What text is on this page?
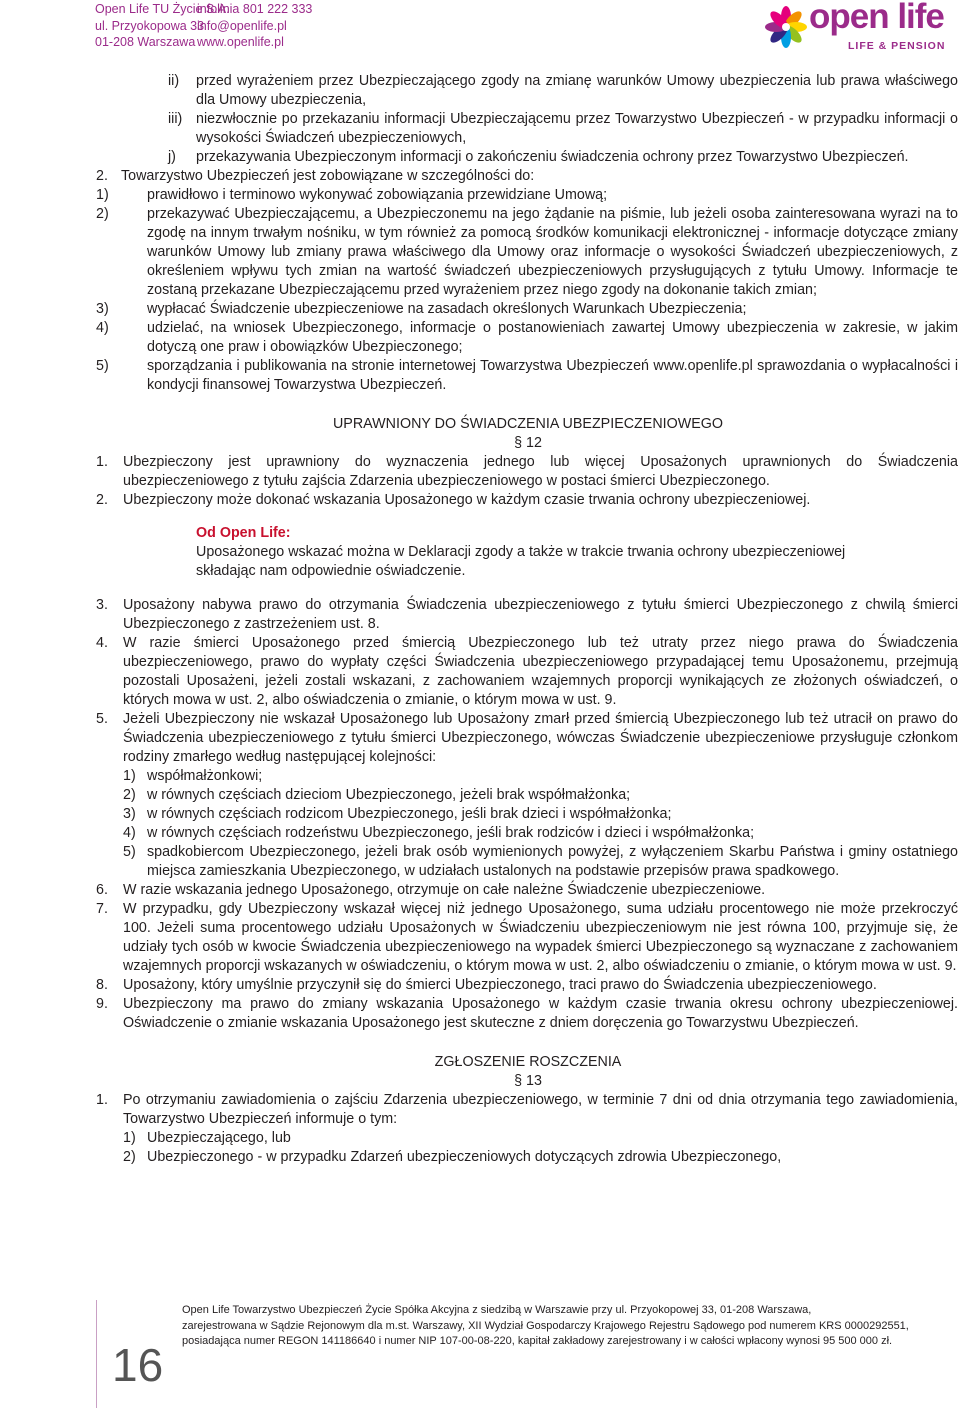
Open Life TU Życie S.A.
ul. Przyokopowa 33
01-208 Warszawa
infolinia 801 222 333
info@openlife.pl
www.openlife.pl
open life
LIFE & PENSION
ii) przed wyrażeniem przez Ubezpieczającego zgody na zmianę warunków Umowy ubezpieczenia lub prawa właściwego dla Umowy ubezpieczenia,
iii) niezwłocznie po przekazaniu informacji Ubezpieczającemu przez Towarzystwo Ubezpieczeń - w przypadku informacji o wysokości Świadczeń ubezpieczeniowych,
j) przekazywania Ubezpieczonym informacji o zakończeniu świadczenia ochrony przez Towarzystwo Ubezpieczeń.
2. Towarzystwo Ubezpieczeń jest zobowiązane w szczególności do:
1)	prawidłowo i terminowo wykonywać zobowiązania przewidziane Umową;
2)	przekazywać Ubezpieczającemu, a Ubezpieczonemu na jego żądanie na piśmie, lub jeżeli osoba zainteresowana wyrazi na to zgodę na innym trwałym nośniku, w tym również za pomocą środków komunikacji elektronicznej - informacje dotyczące zmiany warunków Umowy lub zmiany prawa właściwego dla Umowy oraz informacje o wysokości Świadczeń ubezpieczeniowych, z określeniem wpływu tych zmian na wartość świadczeń ubezpieczeniowych przysługujących z tytułu Umowy. Informacje te zostaną przekazane Ubezpieczającemu przed wyrażeniem przez niego zgody na dokonanie takich zmian;
3)	wypłacać Świadczenie ubezpieczeniowe na zasadach określonych Warunkach Ubezpieczenia;
4)	udzielać, na wniosek Ubezpieczonego, informacje o postanowieniach zawartej Umowy ubezpieczenia w zakresie, w jakim dotyczą one praw i obowiązków Ubezpieczonego;
5)	sporządzania i publikowania na stronie internetowej Towarzystwa Ubezpieczeń www.openlife.pl sprawozdania o wypłacalności i kondycji finansowej Towarzystwa Ubezpieczeń.
UPRAWNIONY DO ŚWIADCZENIA UBEZPIECZENIOWEGO
§ 12
1. Ubezpieczony jest uprawniony do wyznaczenia jednego lub więcej Uposażonych uprawnionych do Świadczenia ubezpieczeniowego z tytułu zajścia Zdarzenia ubezpieczeniowego w postaci śmierci Ubezpieczonego.
2. Ubezpieczony może dokonać wskazania Uposażonego w każdym czasie trwania ochrony ubezpieczeniowej.
Od Open Life:
Uposażonego wskazać można w Deklaracji zgody a także w trakcie trwania ochrony ubezpieczeniowej składając nam odpowiednie oświadczenie.
3. Uposażony nabywa prawo do otrzymania Świadczenia ubezpieczeniowego z tytułu śmierci Ubezpieczonego z chwilą śmierci Ubezpieczonego z zastrzeżeniem ust. 8.
4. W razie śmierci Uposażonego przed śmiercią Ubezpieczonego lub też utraty przez niego prawa do Świadczenia ubezpieczeniowego, prawo do wypłaty części Świadczenia ubezpieczeniowego przypadającej temu Uposażonemu, przejmują pozostali Uposażeni, jeżeli zostali wskazani, z zachowaniem wzajemnych proporcji wynikających ze złożonych oświadczeń, o których mowa w ust. 2, albo oświadczenia o zmianie, o którym mowa w ust. 9.
5. Jeżeli Ubezpieczony nie wskazał Uposażonego lub Uposażony zmarł przed śmiercią Ubezpieczonego lub też utracił on prawo do Świadczenia ubezpieczeniowego z tytułu śmierci Ubezpieczonego, wówczas Świadczenie ubezpieczeniowe przysługuje członkom rodziny zmarłego według następującej kolejności:
1) współmałżonkowi;
2) w równych częściach dzieciom Ubezpieczonego, jeżeli brak współmałżonka;
3) w równych częściach rodzicom Ubezpieczonego, jeśli brak dzieci i współmałżonka;
4) w równych częściach rodzeństwu Ubezpieczonego, jeśli brak rodziców i dzieci i współmałżonka;
5) spadkobiercom Ubezpieczonego, jeżeli brak osób wymienionych powyżej, z wyłączeniem Skarbu Państwa i gminy ostatniego miejsca zamieszkania Ubezpieczonego, w udziałach ustalonych na podstawie przepisów prawa spadkowego.
6. W razie wskazania jednego Uposażonego, otrzymuje on całe należne Świadczenie ubezpieczeniowe.
7. W przypadku, gdy Ubezpieczony wskazał więcej niż jednego Uposażonego, suma udziału procentowego nie może przekroczyć 100. Jeżeli suma procentowego udziału Uposażonych w Świadczeniu ubezpieczeniowym nie jest równa 100, przyjmuje się, że udziały tych osób w kwocie Świadczenia ubezpieczeniowego na wypadek śmierci Ubezpieczonego są wyznaczane z zachowaniem wzajemnych proporcji wskazanych w oświadczeniu, o którym mowa w ust. 2, albo oświadczeniu o zmianie, o którym mowa w ust. 9.
8. Uposażony, który umyślnie przyczynił się do śmierci Ubezpieczonego, traci prawo do Świadczenia ubezpieczeniowego.
9. Ubezpieczony ma prawo do zmiany wskazania Uposażonego w każdym czasie trwania okresu ochrony ubezpieczeniowej. Oświadczenie o zmianie wskazania Uposażonego jest skuteczne z dniem doręczenia go Towarzystwu Ubezpieczeń.
ZGŁOSZENIE ROSZCZENIA
§ 13
1. Po otrzymaniu zawiadomienia o zajściu Zdarzenia ubezpieczeniowego, w terminie 7 dni od dnia otrzymania tego zawiadomienia, Towarzystwo Ubezpieczeń informuje o tym:
1) Ubezpieczającego, lub
2) Ubezpieczonego - w przypadku Zdarzeń ubezpieczeniowych dotyczących zdrowia Ubezpieczonego,
16
Open Life Towarzystwo Ubezpieczeń Życie Spółka Akcyjna z siedzibą w Warszawie przy ul. Przyokopowej 33, 01-208 Warszawa,
zarejestrowana w Sądzie Rejonowym dla m.st. Warszawy, XII Wydział Gospodarczy Krajowego Rejestru Sądowego pod numerem KRS 0000292551,
posiadająca numer REGON 141186640 i numer NIP 107-00-08-220, kapitał zakładowy zarejestrowany i w całości wpłacony wynosi 95 500 000 zł.
